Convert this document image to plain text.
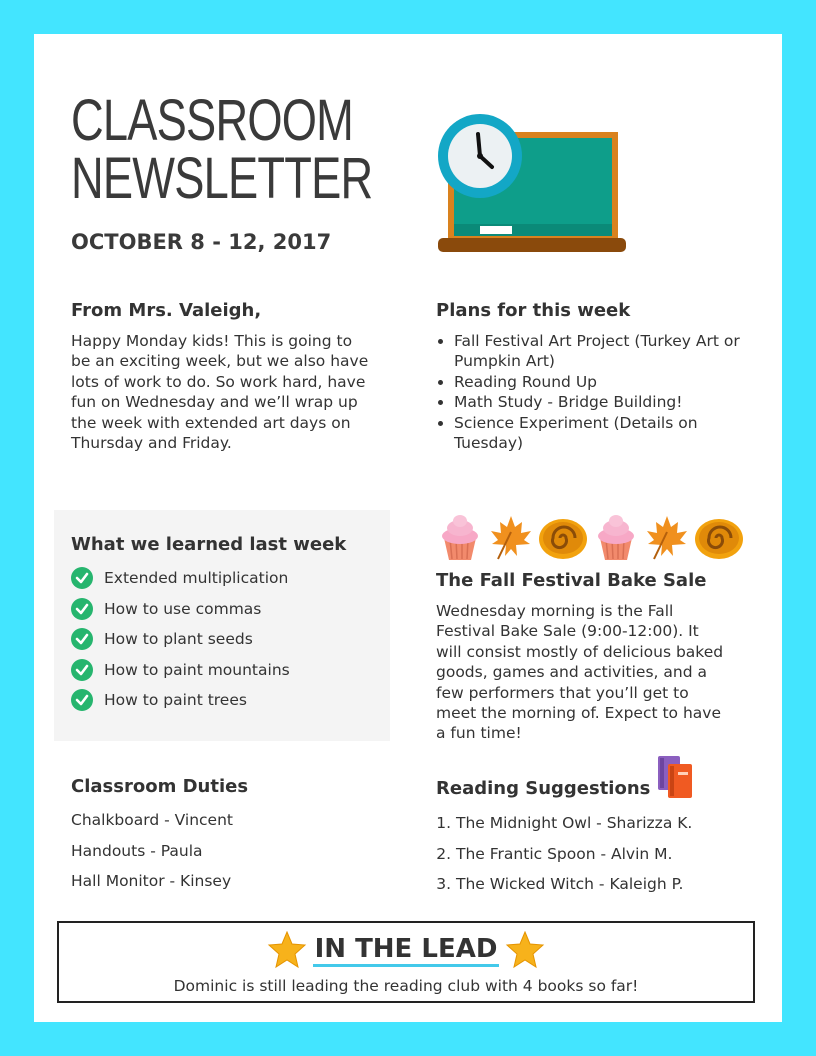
CLASSROOM
NEWSLETTER
OCTOBER 8 - 12, 2017
From Mrs. Valeigh,

Happy Monday kids! This is going to be an exciting week, but we also have lots of work to do. So work hard, have fun on Wednesday and we’ll wrap up the week with extended art days on Thursday and Friday.

Plans for this week
• Fall Festival Art Project (Turkey Art or Pumpkin Art)
• Reading Round Up
• Math Study - Bridge Building!
• Science Experiment (Details on Tuesday)
What we learned last week
Extended multiplication
How to use commas
How to plant seeds
How to paint mountains
How to paint trees
The Fall Festival Bake Sale

Wednesday morning is the Fall Festival Bake Sale (9:00-12:00). It will consist mostly of delicious baked goods, games and activities, and a few performers that you’ll get to meet the morning of. Expect to have a fun time!

Classroom Duties
Chalkboard - Vincent
Handouts - Paula
Hall Monitor - Kinsey
Reading Suggestions
1. The Midnight Owl - Sharizza K.
2. The Frantic Spoon - Alvin M.
3. The Wicked Witch - Kaleigh P.
IN THE LEAD
Dominic is still leading the reading club with 4 books so far!
